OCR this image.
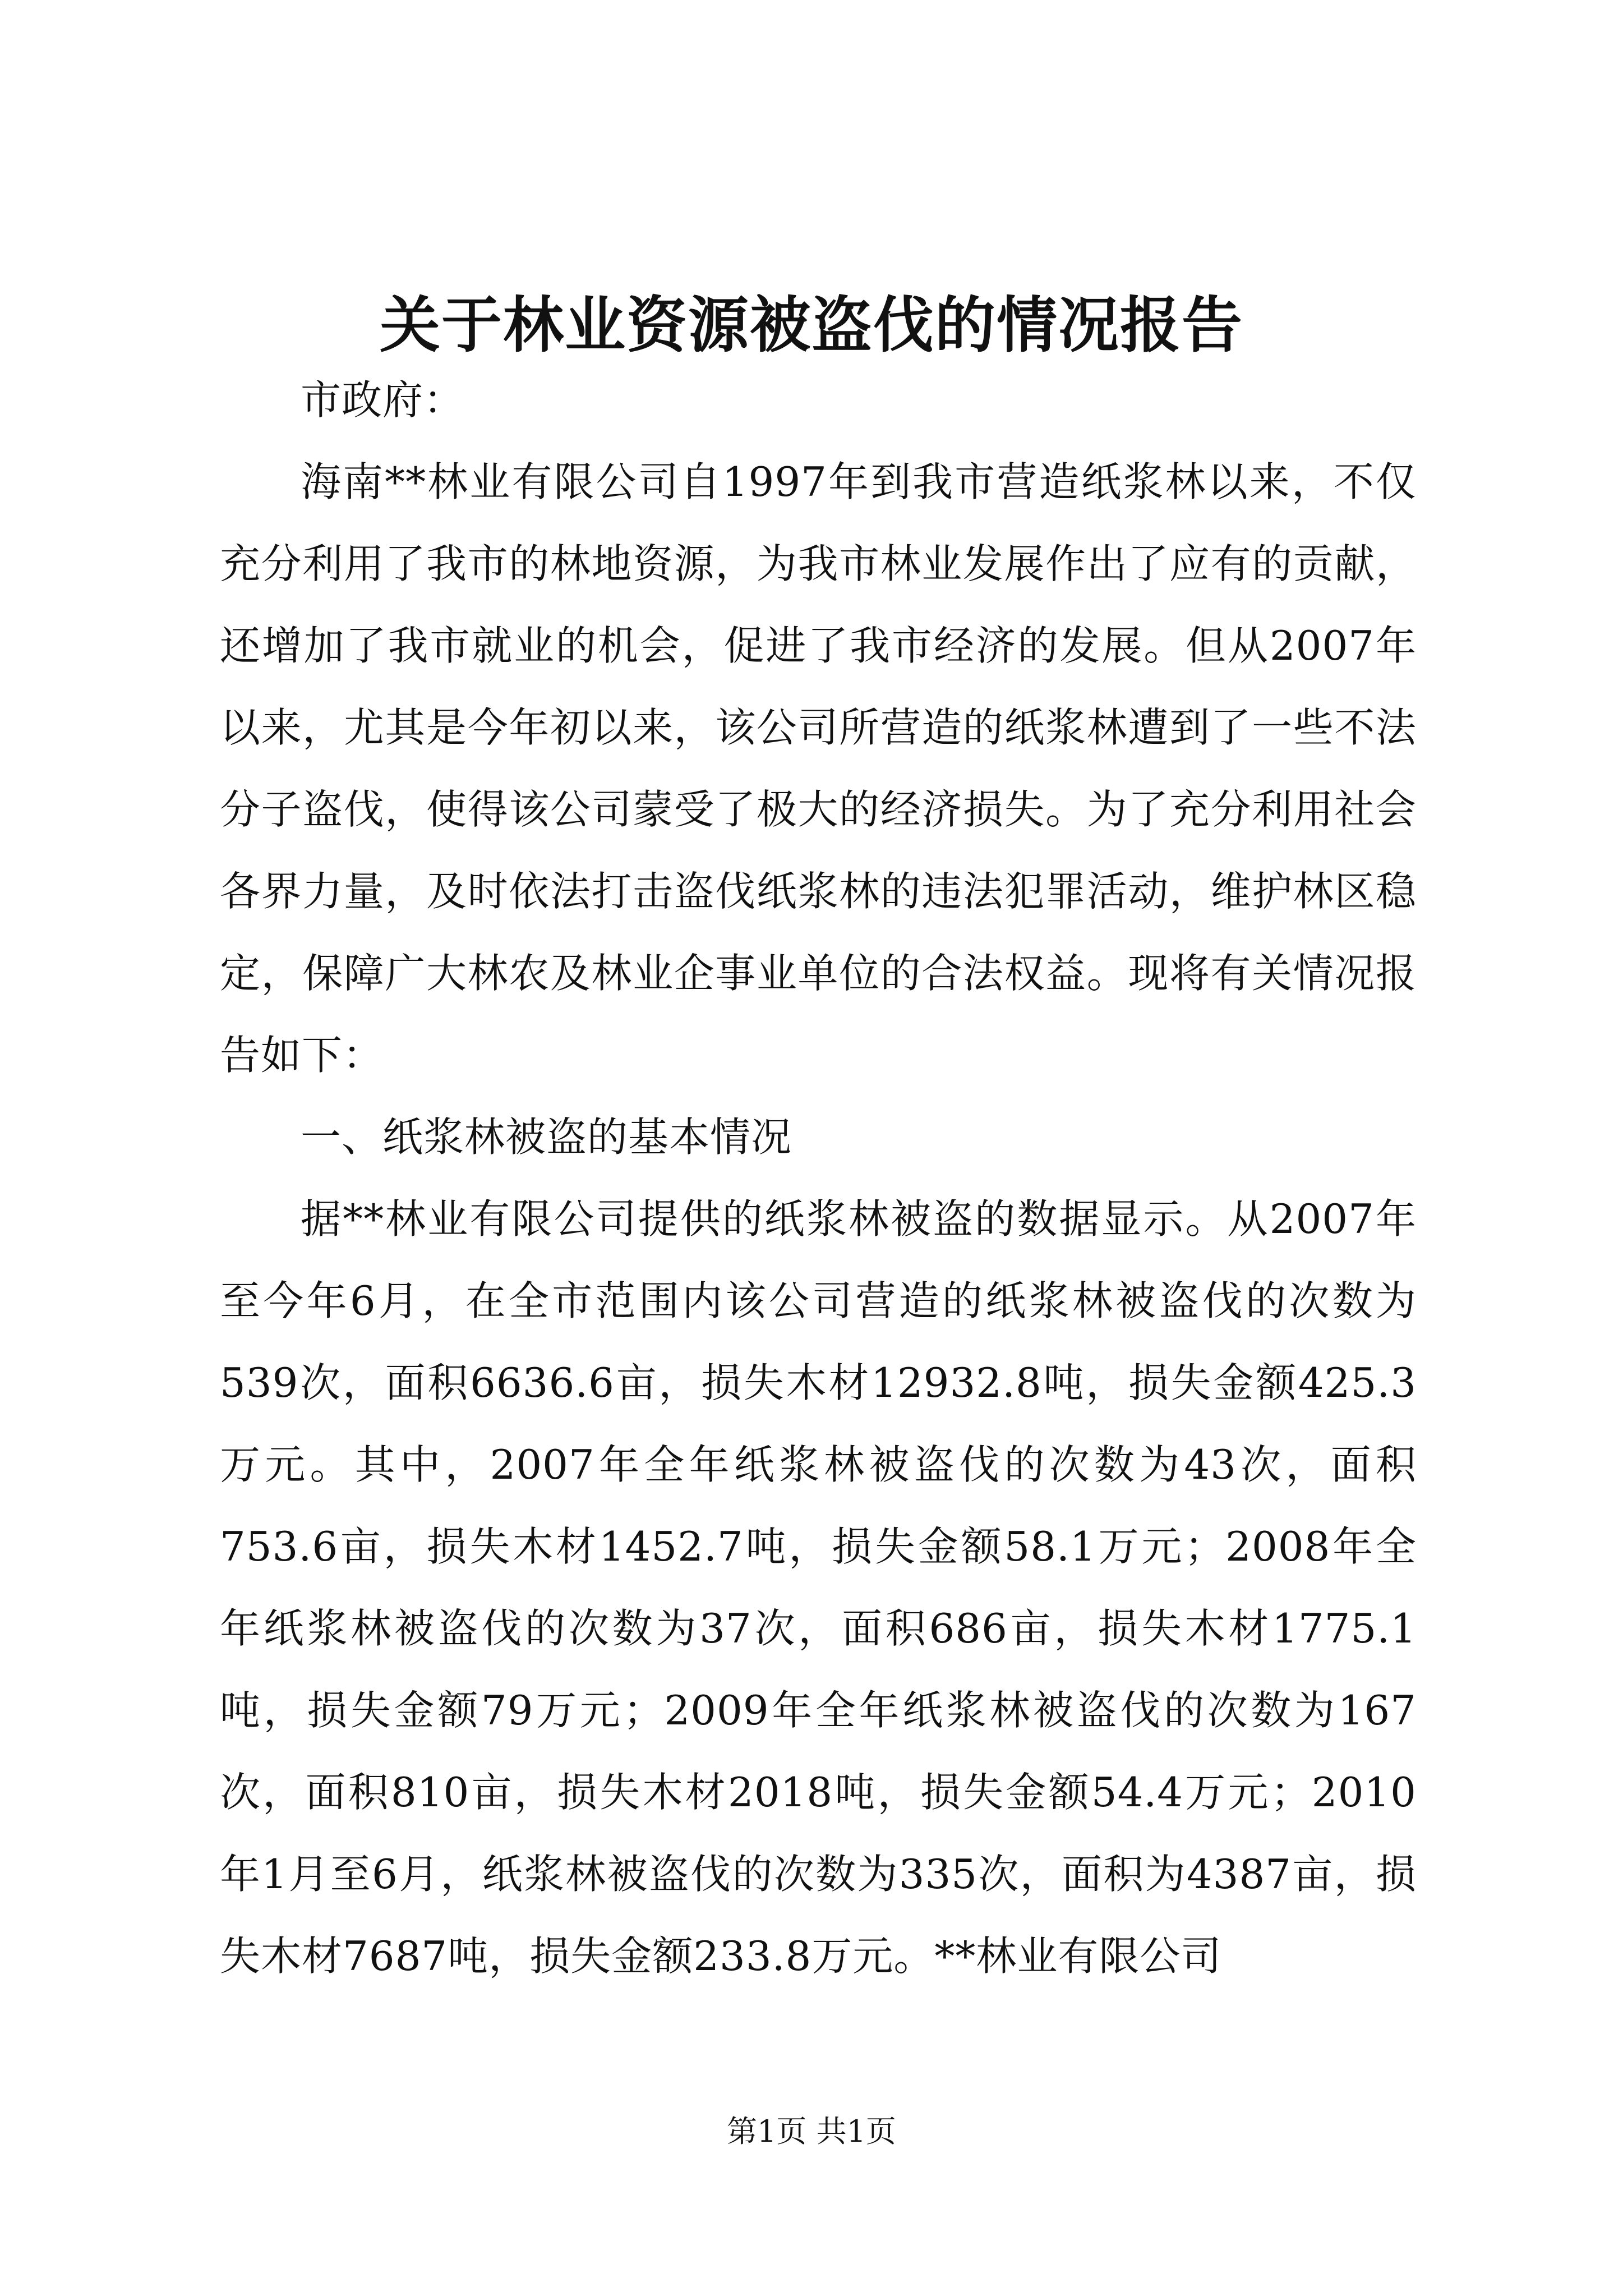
关于林业资源被盗伐的情况报告

市政府：

海南**林业有限公司自1997年到我市营造纸浆林以来，不仅充分利用了我市的林地资源，为我市林业发展作出了应有的贡献，还增加了我市就业的机会，促进了我市经济的发展。但从2007年以来，尤其是今年初以来，该公司所营造的纸浆林遭到了一些不法分子盗伐，使得该公司蒙受了极大的经济损失。为了充分利用社会各界力量，及时依法打击盗伐纸浆林的违法犯罪活动，维护林区稳定，保障广大林农及林业企事业单位的合法权益。现将有关情况报告如下：

一、纸浆林被盗的基本情况

据**林业有限公司提供的纸浆林被盗的数据显示。从2007年至今年6月，在全市范围内该公司营造的纸浆林被盗伐的次数为539次，面积6636.6亩，损失木材12932.8吨，损失金额425.3万元。其中，2007年全年纸浆林被盗伐的次数为43次，面积753.6亩，损失木材1452.7吨，损失金额58.1万元；2008年全年纸浆林被盗伐的次数为37次，面积686亩，损失木材1775.1吨，损失金额79万元；2009年全年纸浆林被盗伐的次数为167次，面积810亩，损失木材2018吨，损失金额54.4万元；2010年1月至6月，纸浆林被盗伐的次数为335次，面积为4387亩，损失木材7687吨，损失金额233.8万元。**林业有限公司

第1页 共1页
